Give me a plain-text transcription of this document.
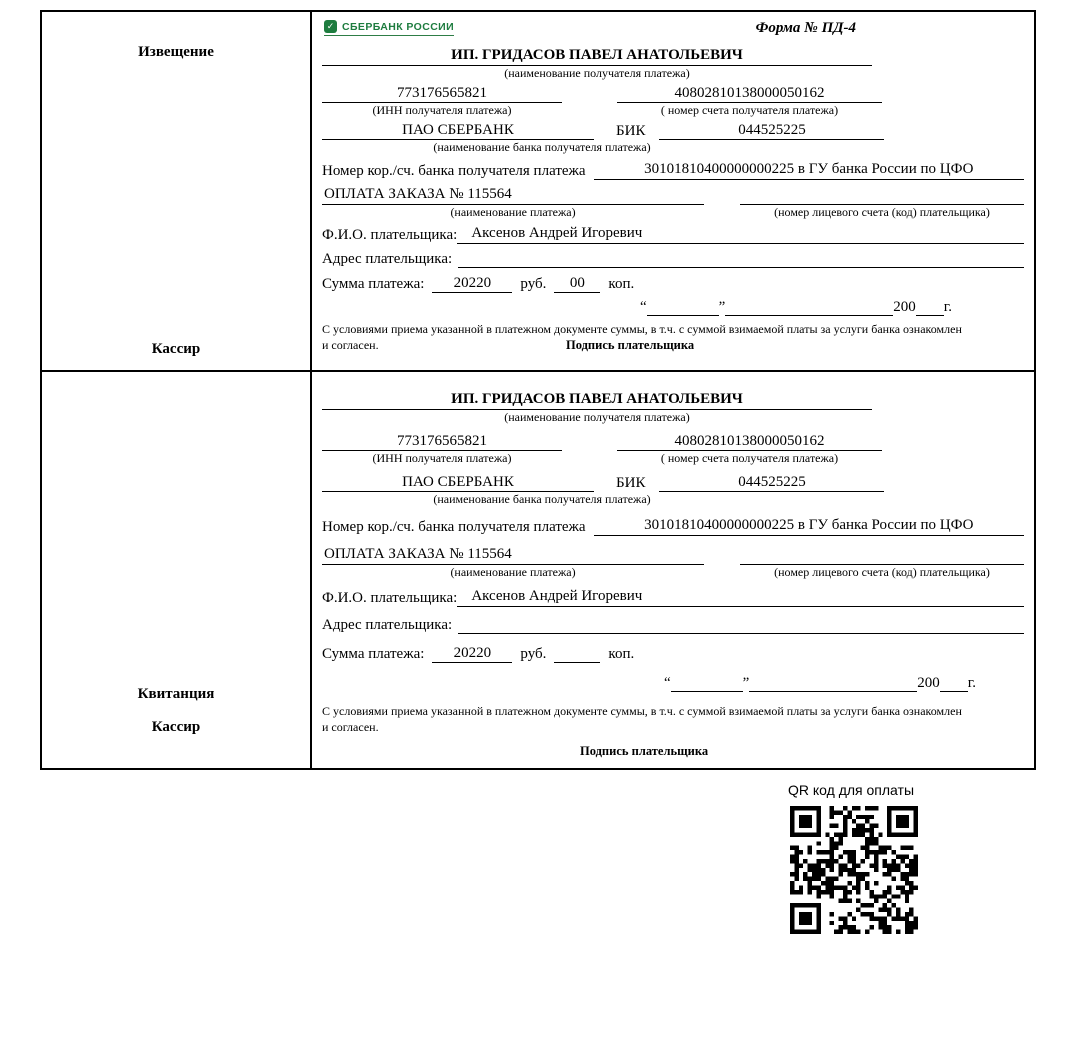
Извещение
Кассир
✓ СБЕРБАНК РОССИИ	Форма № ПД-4
ИП. ГРИДАСОВ ПАВЕЛ АНАТОЛЬЕВИЧ
(наименование получателя платежа)
773176565821	40802810138000050162
(ИНН получателя платежа)	( номер счета получателя платежа)
ПАО СБЕРБАНК	БИК	044525225
(наименование банка получателя платежа)
Номер кор./сч. банка получателя платежа	30101810400000000225 в ГУ банка России по ЦФО
ОПЛАТА ЗАКАЗА № 115564
(наименование платежа)	(номер лицевого счета (код) плательщика)
Ф.И.О. плательщика: Аксенов Андрей Игоревич
Адрес плательщика:
Сумма платежа:	20220	руб.	00	коп.
“	”	200 г.
С условиями приема указанной в платежном документе суммы, в т.ч. с суммой взимаемой платы за услуги банка ознакомлен и согласен.	Подпись плательщика
Квитанция
Кассир
ИП. ГРИДАСОВ ПАВЕЛ АНАТОЛЬЕВИЧ
(наименование получателя платежа)
773176565821	40802810138000050162
(ИНН получателя платежа)	( номер счета получателя платежа)
ПАО СБЕРБАНК	БИК	044525225
(наименование банка получателя платежа)
Номер кор./сч. банка получателя платежа	30101810400000000225 в ГУ банка России по ЦФО
ОПЛАТА ЗАКАЗА № 115564
(наименование платежа)	(номер лицевого счета (код) плательщика)
Ф.И.О. плательщика: Аксенов Андрей Игоревич
Адрес плательщика:
Сумма платежа:	20220	руб.	коп.
“	”	200 г.
С условиями приема указанной в платежном документе суммы, в т.ч. с суммой взимаемой платы за услуги банка ознакомлен и согласен.
Подпись плательщика
QR код для оплаты
